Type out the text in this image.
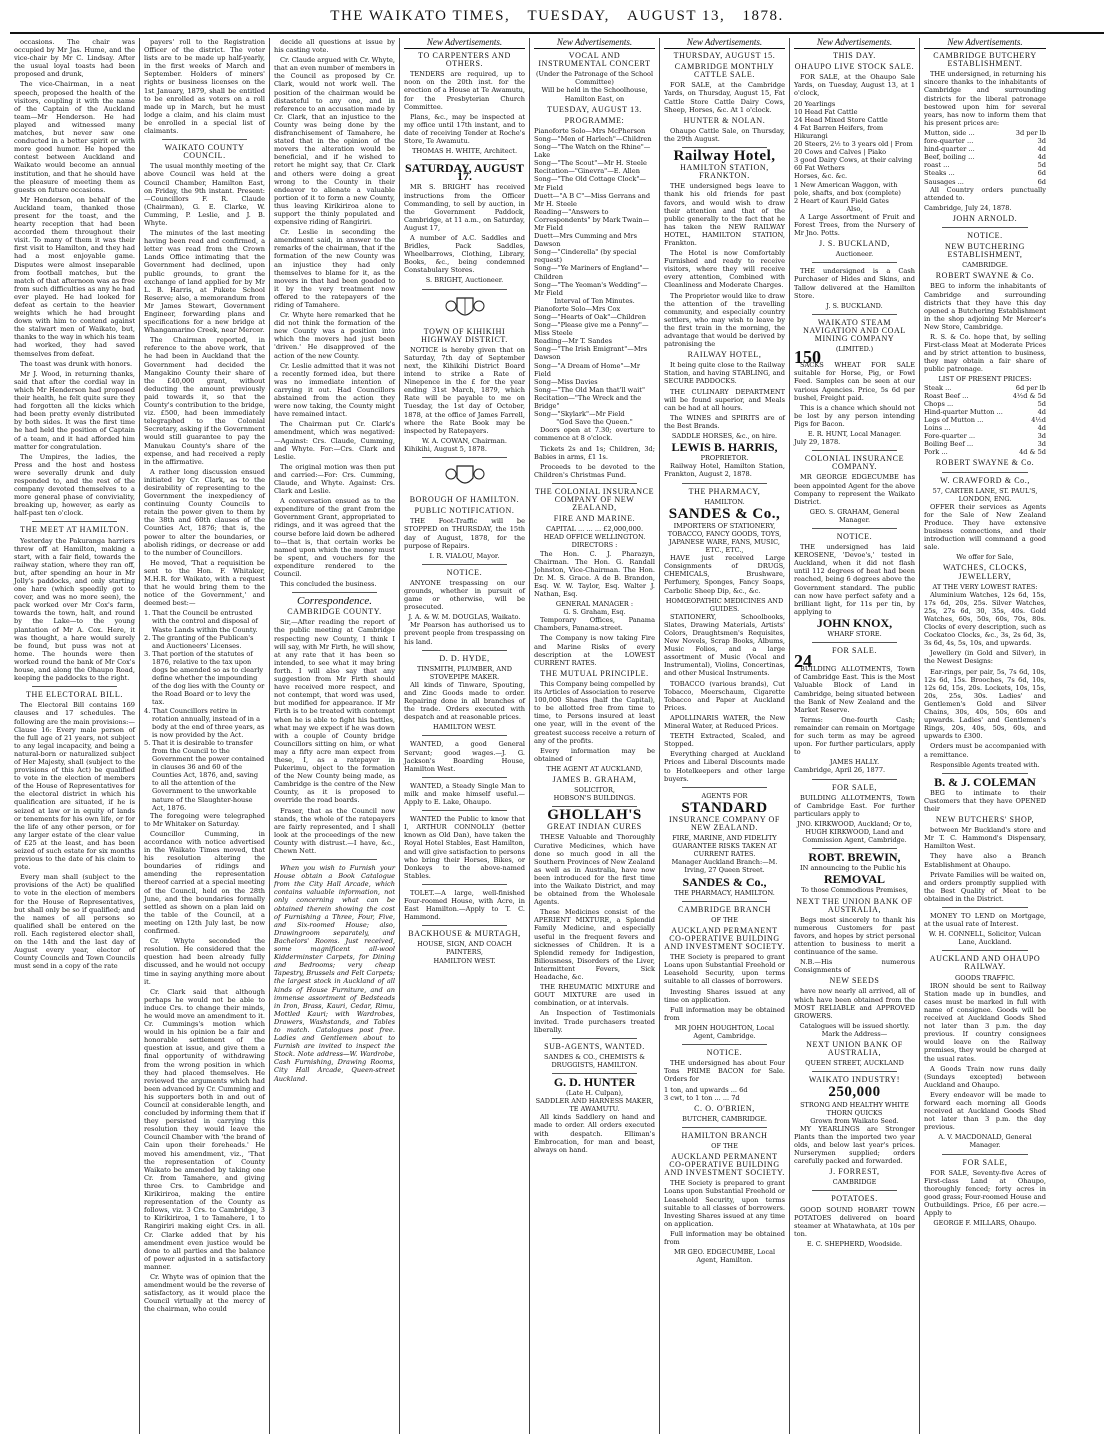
THE WAIKATO TIMES, TUESDAY, AUGUST 13, 1878.

occasions. The chair was occupied by Mr Jas. Hume, and the vice-chair by Mr C. Lindsay. After the usual loyal toasts had been proposed and drunk,

The vice-Chairman, in a neat speech, proposed the health of the visitors, coupling it with the name of the Captain of the Auckland team—Mr Henderson. He had played and witnessed many matches, but never saw one conducted in a better spirit or with more good humor. He hoped the contest between Auckland and Waikato would become an annual institution, and that he should have the pleasure of meeting them as guests on future occasions.

Mr Henderson, on behalf of the Auckland team, thanked those present for the toast, and the hearty reception that had been accorded them throughout their visit. To many of them it was their first visit to Hamilton, and they had had a most enjoyable game. Disputes were almost inseparable from football matches, but the match of that afternoon was as free from such difficulties as any he had ever played. He had looked for defeat as certain to the heavier weights which he had brought down with him to contend against the stalwart men of Waikato, but, thanks to the way in which his team had worked, they had saved themselves from defeat.

The toast was drunk with honors.

Mr J. Wood, in returning thanks, said that after the cordial way in which Mr Henderson had proposed their health, he felt quite sure they had forgotten all the kicks which had been pretty evenly distributed by both sides. It was the first time he had held the position of Captain of a team, and it had afforded him matter for congratulation.

The Umpires, the ladies, the Press and the host and hostess were severally drunk and duly responded to, and the rest of the company devoted themselves to a more general phase of conviviality, breaking up, however, as early as half-past ten o'clock.

THE MEET AT HAMILTON.

Yesterday the Pakuranga harriers threw off at Hamilton, making a start, with a fair field, towards the railway station, where they ran off, but, after spending an hour in Mr Jolly's paddocks, and only starting one hare (which speedily got to cover, and was no more seen), the pack worked over Mr Cox's farm, towards the town, halt, and round by the Lake—to the young plantation of Mr A. Cox. Here, it was thought, a hare would surely be found, but puss was not at home. The hounds were then worked round the bank of Mr Cox's house, and along the Ohaupo Road, keeping the paddocks to the right.

THE ELECTORAL BILL.

The Electoral Bill contains 169 clauses and 17 schedules. The following are the main provisions:—Clause 16: Every male person of the full age of 21 years, not subject to any legal incapacity, and being a natural-born or naturalized subject of Her Majesty, shall (subject to the provisions of this Act) be qualified to vote in the election of members of the House of Representatives for the electoral district in which his qualification are situated, if he is seized at law or in equity of lands or tenements for his own life, or for the life of any other person, or for any larger estate of the clear value of £25 at the least, and has been seized of such estate for six months previous to the date of his claim to vote.

Every man shall (subject to the provisions of the Act) be qualified to vote in the election of members for the House of Representatives, but shall only be so if qualified; and the names of all persons so qualified shall be entered on the roll. Each registered elector shall, on the 14th and the last day of August every year, elector of County Councils and Town Councils must send in a copy of the rate

payers' roll to the Registration Officer of the district. The voter lists are to be made up half-yearly, in the first weeks of March and September. Holders of miners' rights or business licenses on the 1st January, 1879, shall be entitled to be enrolled as voters on a roll made up in March, but he must lodge a claim, and his claim must be enrolled in a special list of claimants.

WAIKATO COUNTY COUNCIL.

The usual monthly meeting of the above Council was held at the Council Chamber, Hamilton East, on Friday, the 9th instant. Present:—Councillors F. R. Claude (Chairman), G. E. Clarke, W. Cumming, P. Leslie, and J. B. Whyte.

The minutes of the last meeting having been read and confirmed, a letter was read from the Crown Lands Office intimating that the Government had declined, upon public grounds, to grant the exchange of land applied for by Mr L. B. Harris, at Pukete School Reserve; also, a memorandum from Mr James Stewart, Government Engineer, forwarding plans and specifications for a new bridge at Whangamarino Creek, near Mercer.

The Chairman reported, in reference to the above work, that he had been in Auckland that the Government had decided the Mangakino County their share of the £40,000 grant, without deducting the amount previously paid towards it, so that the County's contribution to the bridge, viz. £500, had been immediately telegraphed to the Colonial Secretary, asking if the Government would still guarantee to pay the Manukau County's share of the expense, and had received a reply in the affirmative.

A rather long discussion ensued initiated by Cr. Clark, as to the desirability of representing to the Government the inexpediency of continuing County Councils to retain the power given to them by the 38th and 60th clauses of the Counties Act, 1876; that is, the power to alter the boundaries, or abolish ridings, or decrease or add to the number of Councillors.

He moved, 'That a requisition be sent to the Hon. F. Whitaker, M.H.R. for Waikato, with a request that he would bring them to the notice of the Government,' and deemed best:—

1. That the Council be entrusted with the control and disposal of Waste Lands within the County.
2. The granting of the Publican's and Auctioneers' Licenses.
3. That portion of the statutes of 1876, relative to the tax upon dogs be amended so as to clearly define whether the impounding of the dog lies with the County or the Road Board or to levy the tax.
4. That Councillors retire in rotation annually, instead of in a body at the end of three years, as is now provided by the Act.
5. That it is desirable to transfer from the Council to the Government the power contained in clauses 36 and 60 of the Counties Act, 1876, and, saving to all the attention of the Government to the unworkable nature of the Slaughter-house Act, 1876.

The foregoing were telegraphed to Mr Whitaker on Saturday.

Councillor Cumming, in accordance with notice advertised in the Waikato Times moved, that his resolution altering the boundaries of ridings and amending the representation thereof carried at a special meeting of the Council, held on the 28th June, and the boundaries formally settled as shown on a plan laid on the table of the Council, at a meeting on 12th July last, be now confirmed.

Cr. Whyte seconded the resolution. He considered that the question had been already fully discussed, and he would not occupy time in saying anything more about it.

Cr. Clark said that although perhaps he would not be able to induce Crs. to change their minds, he would move an amendment to it. Cr. Cummings's motion which would in his opinion be a fair and honorable settlement of the question at issue, and give them a final opportunity of withdrawing from the wrong position in which they had placed themselves. He reviewed the arguments which had been advanced by Cr. Cumming and his supporters both in and out of Council at considerable length, and concluded by informing them that if they persisted in carrying this resolution they would leave the Council Chamber with 'the brand of Cain upon their foreheads.' He moved his amendment, viz., 'That the representation of County Waikato be amended by taking one Cr. from Tamahere, and giving three Crs. to Cambridge and Kirikiriroa, making the entire representation of the County as follows, viz. 3 Crs. to Cambridge, 3 to Kirikiriroa, 1 to Tamahere, 1 to Rangiriri making eight Crs. in all. Cr. Clarke added that by his amendment even justice would be done to all parties and the balance of power adjusted in a satisfactory manner.

Cr. Whyte was of opinion that the amendment would be the reverse of satisfactory, as it would place the Council virtually at the mercy of the chairman, who could

decide all questions at issue by his casting vote.

Cr. Claude argued with Cr. Whyte, that an even number of members in the Council as proposed by Cr. Clark, would not work well. The position of the chairman would be distasteful to any one, and in reference to an accusation made by Cr. Clark, that an injustice to the County was being done by the disfranchisement of Tamahere, he stated that in the opinion of the movers the alteration would be beneficial, and if he wished to retort he might say, that Cr. Clark and others were doing a great wrong to the County in their endeavor to alienate a valuable portion of it to form a new County, thus leaving Kirikiriroa alone to support the thinly populated and expensive riding of Rangiriri.

Cr. Leslie in seconding the amendment said, in answer to the remarks of the chairman, that if the formation of the new County was an injustice they had only themselves to blame for it, as the movers in that had been goaded to it by the very treatment now offered to the ratepayers of the riding of Tamahere.

Cr. Whyte here remarked that he did not think the formation of the new County was a position into which the movers had just been 'driven.' He disapproved of the action of the new County.

Cr. Leslie admitted that it was not a recently formed idea, but there was no immediate intention of carrying it out. Had Councillors abstained from the action they were now taking, the County might have remained intact.

The Chairman put Cr. Clark's amendment, which was negatived:—Against: Crs. Claude, Cumming, and Whyte. For:—Crs. Clark and Leslie.

The original motion was then put and carried:—For: Crs. Cumming, Claude, and Whyte. Against: Crs. Clark and Leslie.

A conversation ensued as to the expenditure of the grant from the Government Grant, appropriated to ridings, and it was agreed that the course before laid down be adhered to—that is, that certain works be named upon which the money must be spent, and vouchers for the expenditure rendered to the Council.

This concluded the business.

Correspondence.
CAMBRIDGE COUNTY.

Sir,—After reading the report of the public meeting at Cambridge respecting new County, I think I will say, with Mr Firth, he will show, at any rate that it has been so intended, to see what it may bring forth. I will also say that any suggestion from Mr Firth should have received more respect, and not contempt, that word was used, but modified for appearance. If Mr Firth is to be treated with contempt when he is able to fight his battles, what may we expect if he was down with a couple of County bridge Councillors sitting on him, or what may a fifty acre man expect from these, I, as a ratepayer in Pukerimu, object to the formation of the New County being made, as Cambridge is the centre of the New County, as it is proposed to override the road boards.

Fraser, that as the Council now stands, the whole of the ratepayers are fairly represented, and I shall look at the proceedings of the new County with distrust.—I have, &c., Chewn Nett.

When you wish to Furnish your House obtain a Book Catalogue from the City Hall Arcade, which contains valuable information, not only concerning what can be obtained therein showing the cost of Furnishing a Three, Four, Five, and Six-roomed House; also, Drawingroom separately, and Bachelors' Rooms. Just received, some magnificent all-wool Kidderminster Carpets, for Dining and Bedrooms; very cheap Tapestry, Brussels and Felt Carpets; the largest stock in Auckland of all kinds of House Furniture, and an immense assortment of Bedsteads in Iron, Brass, Kauri, Cedar, Rimu, Mottled Kauri; with Wardrobes, Drawers, Washstands, and Tables to match. Catalogues post free. Ladies and Gentlemen about to Furnish are invited to inspect the Stock. Note address—W. Wardrobe, Cash Furnishing, Drawing Rooms, City Hall Arcade, Queen-street Auckland.

New Advertisements.
TO CARPENTERS AND OTHERS.

TENDERS are required, up to noon on the 20th inst. for the erection of a House at Te Awamutu, for the Presbyterian Church Committee.

Plans, &c., may be inspected at my office until 17th instant, and to date of receiving Tender at Roche's Store, Te Awamutu.

THOMAS H. WHITE, Architect.
SATURDAY, AUGUST 17.

MR S. BRIGHT has received instructions from the Officer Commanding, to sell by auction, in the Government Paddock, Cambridge, at 11 a.m., on Saturday, August 17,

A number of A.C. Saddles and Bridles, Pack Saddles, Wheelbarrows, Clothing, Library, Books, &c., being condemned Constabulary Stores.

S. BRIGHT, Auctioneer.
TOWN OF KIHIKIHI HIGHWAY DISTRICT.

NOTICE is hereby given that on Saturday, 7th day of September next, the Kihikihi District Board intend to strike a Rate of Ninepence in the £ for the year ending 31st March, 1879, which Rate will be payable to me on Tuesday, the 1st day of October, 1878, at the office of James Farrell, where the Rate Book may be inspected by Ratepayers.

W. A. COWAN, Chairman.
Kihikihi, August 5, 1878.
BOROUGH OF HAMILTON.
PUBLIC NOTIFICATION.

THE Foot-Traffic will be STOPPED on THURSDAY, the 15th day of August, 1878, for the purpose of Repairs.

I. R. VIALOU, Mayor.
NOTICE.

ANYONE trespassing on our grounds, whether in pursuit of game or otherwise, will be prosecuted.

J. A. & W. M. DOUGLAS, Waikato.

Mr Pearson has authorised us to prevent people from trespassing on his land.

D. D. HYDE,
TINSMITH, PLUMBER, AND STOVEPIPE MAKER.

All kinds of Tinware, Spouting, and Zinc Goods made to order. Repairing done in all branches of the trade. Orders executed with despatch and at reasonable prices.

HAMILTON WEST.

WANTED, a good General Servant; good wages.—J. G. Jackson's Boarding House, Hamilton West.

WANTED, a Steady Single Man to milk and make himself useful.—Apply to E. Lake, Ohaupo.

WANTED the Public to know that I, ARTHUR CONNOLLY (better known as Old Dan), have taken the Royal Hotel Stables, East Hamilton, and will give satisfaction to persons who bring their Horses, Bikes, or Donkeys to the above-named Stables.

TOLET.—A large, well-finished Four-roomed House, with Acre, in East Hamilton.—Apply to T. C. Hammond.

BACKHOUSE & MURTAGH,
HOUSE, SIGN, AND COACH PAINTERS,
HAMILTON WEST.
New Advertisements.
VOCAL AND INSTRUMENTAL CONCERT
(Under the Patronage of the School Committee)
Will be held in the Schoolhouse, Hamilton East, on
TUESDAY, AUGUST 13.
PROGRAMME:
Pianoforte Solo—Mrs McPherson
Song—"Men of Harlech"—Children
Song—"The Watch on the Rhine"—Lake
Song—"The Scout"—Mr H. Steele
Recitation—"Ginevra"—E. Allen
Song—"The Old Cottage Clock"—Mr Field
Duett—"A B C"—Miss Gerrans and Mr H. Steele
Reading—"Answers to Correspondents" by Mark Twain—Mr Field
Duett—Mrs Cumming and Mrs Dawson
Song—"Cinderella" (by special request)
Song—"Ye Mariners of England"—Children
Song—"The Yeoman's Wedding"—Mr Field
Interval of Ten Minutes.
Pianoforte Solo—Mrs Cox
Song—"Hearts of Oak"—Children
Song—"Please give me a Penny"—Miss Steele
Reading—Mr T. Sandes
Song—"The Irish Emigrant"—Mrs Dawson
Song—"A Dream of Home"—Mr Field
Song—Miss Davies
Song—"The Old Man that'll wait"
Recitation—"The Wreck and the Bridge"
Song—"Skylark"—Mr Field
"God Save the Queen."

Doors open at 7.30; overture to commence at 8 o'clock.

Tickets 2s and 1s; Children, 3d; Babies in arms, £1 1s.

Proceeds to be devoted to the Children's Christmas Fund.

THE COLONIAL INSURANCE COMPANY OF NEW ZEALAND,
FIRE AND MARINE.
CAPITAL ... ... ... £2,000,000.
HEAD OFFICE WELLINGTON.
DIRECTORS :

The Hon. C. J. Pharazyn, Chairman. The Hon. G. Randall Johnston, Vice-Chairman. The Hon. Dr. M. S. Grace. A de B. Brandon, Esq. W. W. Taylor, Esq. Walter J. Nathan, Esq.

GENERAL MANAGER :
G. S. Graham, Esq.

Temporary Offices, Panama Chambers, Panama-street.

The Company is now taking Fire and Marine Risks of every description at the LOWEST CURRENT RATES.

THE MUTUAL PRINCIPLE.

This Company being compelled by its Articles of Association to reserve 100,000 Shares (half the Capital), to be allotted free from time to time, to Persons insured at least one year, will in the event of the greatest success receive a return of any of the profits.

Every information may be obtained of

THE AGENT AT AUCKLAND,
JAMES B. GRAHAM,
SOLICITOR,
HOBSON'S BUILDINGS.
GHOLLAH'S
GREAT INDIAN CURES

THESE Valuable and Thoroughly Curative Medicines, which have done so much good in all the Southern Provinces of New Zealand as well as in Australia, have now been introduced for the first time into the Waikato District, and may be obtained from the Wholesale Agents.

These Medicines consist of the APERIENT MIXTURE, a Splendid Family Medicine, and especially useful in the frequent fevers and sicknesses of Children. It is a Splendid remedy for Indigestion, Biliousness, Disorders of the Liver, Intermittent Fevers, Sick Headache, &c.

THE RHEUMATIC MIXTURE and GOUT MIXTURE are used in combination, or at intervals.

An Inspection of Testimonials invited. Trade purchasers treated liberally.

SUB-AGENTS, WANTED.
SANDES & CO., CHEMISTS & DRUGGISTS, HAMILTON.
G. D. HUNTER
(Late H. Culpan),
SADDLER AND HARNESS MAKER,
TE AWAMUTU.

All kinds Saddlery on hand and made to order. All orders executed with despatch. Elliman's Embrocation, for man and beast, always on hand.

New Advertisements.
THURSDAY, AUGUST 15.
CAMBRIDGE MONTHLY CATTLE SALE.

FOR SALE, at the Cambridge Yards, on Thursday, August 15, Fat Cattle Store Cattle Dairy Cows, Sheep, Horses, &c. At 1 o'clock.

HUNTER & NOLAN.

Ohaupo Cattle Sale, on Thursday, the 29th August.

Railway Hotel,
HAMILTON STATION, FRANKTON.

THE undersigned begs leave to thank his old friends for past favors, and would wish to draw their attention and that of the public generally to the fact that he has taken the NEW RAILWAY HOTEL, HAMILTON STATION, Frankton.

The Hotel is now Comfortably Furnished and ready to receive visitors, where they will receive every attention, Combined with Cleanliness and Moderate Charges.

The Proprietor would like to draw the attention of the travelling community, and especially country settlers, who may wish to leave by the first train in the morning, the advantage that would be derived by patronising the

RAILWAY HOTEL,

It being quite close to the Railway Station, and having STABLING, and SECURE PADDOCKS.

THE CULINARY DEPARTMENT will be found superior, and Meals can be had at all hours.

The WINES and SPIRITS are of the Best Brands.

SADDLE HORSES, &c., on hire.
LEWIS B. HARRIS,
PROPRIETOR.

Railway Hotel, Hamilton Station, Frankton, August 2, 1878.

THE PHARMACY,
HAMILTON.
SANDES & Co.,
IMPORTERS OF STATIONERY, TOBACCO, FANCY GOODS, TOYS, JAPANESE WARE, FANS, MUSIC, ETC., ETC.,

HAVE just received Large Consignments of DRUGS, CHEMICALS, Brushware, Perfumery, Sponges, Fancy Soaps, Carbolic Sheep Dip, &c., &c.

HOMŒOPATHIC MEDICINES AND GUIDES.

STATIONERY, Schoolbooks, Slates, Drawing Materials, Artists' Colors, Draughtsmen's Requisites, New Novels, Scrap Books, Albums, Music Folios, and a large assortment of Music (Vocal and Instrumental), Violins, Concertinas, and other Musical Instruments.

TOBACCO (various brands), Cut Tobacco, Meerschaum, Cigarette Tobacco and Paper at Auckland Prices.

APOLLINARIS WATER, the New Mineral Water, at Reduced Prices.

TEETH Extracted, Scaled, and Stopped.

Everything charged at Auckland Prices and Liberal Discounts made to Hotelkeepers and other large buyers.

AGENTS FOR
STANDARD
INSURANCE COMPANY OF NEW ZEALAND.
FIRE, MARINE, AND FIDELITY GUARANTEE RISKS TAKEN AT CURRENT RATES.
Manager Auckland Branch:—M. Irving, 27 Queen Street.
SANDES & Co.,
THE PHARMACY, HAMILTON.
CAMBRIDGE BRANCH
OF THE
AUCKLAND PERMANENT CO-OPERATIVE BUILDING AND INVESTMENT SOCIETY.

THE Society is prepared to grant Loans upon Substantial Freehold or Leasehold Security, upon terms suitable to all classes of borrowers.

Investing Shares issued at any time on application.

Full information may be obtained from

MR JOHN HOUGHTON, Local Agent, Cambridge.
NOTICE.

THE undersigned has about Four Tons PRIME BACON for Sale. Orders for

1 ton, and upwards ... 6d
3 cwt, to 1 ton ... ... 7d
C. O. O'BRIEN,
BUTCHER, CAMBRIDGE.
HAMILTON BRANCH
OF THE
AUCKLAND PERMANENT CO-OPERATIVE BUILDING AND INVESTMENT SOCIETY.

THE Society is prepared to grant Loans upon Substantial Freehold or Leasehold Security, upon terms suitable to all classes of borrowers. Investing Shares issued at any time on application.

Full information may be obtained from

MR GEO. EDGECUMBE, Local Agent, Hamilton.
New Advertisements.
THIS DAY.
OHAUPO LIVE STOCK SALE.

FOR SALE, at the Ohaupo Sale Yards, on Tuesday, August 13, at 1 o'clock,

20 Yearlings
10 Head Fat Cattle
24 Head Mixed Store Cattle
4 Fat Barren Heifers, from Hikurangi
20 Steers, 2½ to 3 years old | From
20 Cows and Calves | Piako
3 good Dairy Cows, at their calving
60 Fat Wethers
Horses, &c. &c.
1 New American Waggon, with pole, shafts, and box (complete)
2 Heart of Kauri Field Gates
Also,

A Large Assortment of Fruit and Forest Trees, from the Nursery of Mr Jno. Potts.

J. S. BUCKLAND,
Auctioneer.

THE undersigned is a Cash Purchaser of Hides and Skins, and Tallow delivered at the Hamilton Store.

J. S. BUCKLAND.
WAIKATO STEAM NAVIGATION AND COAL MINING COMPANY
(LIMITED.)
150

SACKS WHEAT FOR SALE suitable for Horse, Pig, or Fowl Feed. Samples can be seen at our various Agencies. Price, 5s 6d per bushel, Freight paid.

This is a chance which should not be lost by any person intending Pigs for Bacon.

E. R. HUNT, Local Manager.
July 29, 1878.
COLONIAL INSURANCE COMPANY.

MR GEORGE EDGECUMBE has been appointed Agent for the above Company to represent the Waikato District.

GEO. S. GRAHAM, General Manager.
NOTICE.

THE undersigned has laid KEROSENE, 'Devoe's,' tested in Auckland, when it did not flash until 112 degrees of heat had been reached, being 6 degrees above the Government standard. The public can now have perfect safety and a brilliant light, for 11s per tin, by applying to

JOHN KNOX,
WHARF STORE.
FOR SALE.
24

BUILDING ALLOTMENTS, Town of Cambridge East. This is the Most Valuable Block of Land in Cambridge, being situated between the Bank of New Zealand and the Market Reserve.

Terms: One-fourth Cash; remainder can remain on Mortgage for such term as may be agreed upon. For further particulars, apply to

JAMES HALLY.
Cambridge, April 26, 1877.
FOR SALE,

BUILDING ALLOTMENTS, Town of Cambridge East. For further particulars apply to

JNO. KIRKWOOD, Auckland; Or to, HUGH KIRKWOOD, Land and Commission Agent, Cambridge.
ROBT. BREWIN,

IN announcing to the Public his

REMOVAL
To those Commodious Premises,
NEXT THE UNION BANK OF AUSTRALIA,

Begs most sincerely to thank his numerous Customers for past favors, and hopes by strict personal attention to business to merit a continuance of the same.

N.B.—His numerous Consignments of

NEW SEEDS

have now nearly all arrived, all of which have been obtained from the MOST RELIABLE and APPROVED GROWERS.

Catalogues will be issued shortly.
Mark the Address—
NEXT UNION BANK OF AUSTRALIA,
QUEEN STREET, AUCKLAND
WAIKATO INDUSTRY!
250,000
STRONG AND HEALTHY WHITE THORN QUICKS
Grown from Waikato Seed.

MY YEARLINGS are Stronger Plants than the imported two year olds, and below last year's prices. Nurserymen supplied; orders carefully packed and forwarded.

J. FORREST,
CAMBRIDGE
POTATOES.

GOOD SOUND HOBART TOWN POTATOES delivered on board steamer at Whatawhata, at 10s per ton.

E. C. SHEPHERD, Woodside.
New Advertisements.
CAMBRIDGE BUTCHERY ESTABLISHMENT.

THE undersigned, in returning his sincere thanks to the inhabitants of Cambridge and surrounding districts for the liberal patronage bestowed upon him for several years, has now to inform them that his present prices are:

Mutton, side ...	3d per lb
fore-quarter ...	3d
hind-quarter ...	4d
Beef, boiling ...	4d
roast ...	5d
Steaks ...	6d
Sausages ...	6d

All Country orders punctually attended to.

Cambridge, July 24, 1878.
JOHN ARNOLD.
NOTICE.
NEW BUTCHERING ESTABLISHMENT,
CAMBRIDGE.
ROBERT SWAYNE & Co.

BEG to inform the inhabitants of Cambridge and surrounding districts that they have this day opened a Butchering Establishment in the shop adjoining Mr Mercer's New Store, Cambridge.

R. S. & Co. hope that, by selling First-class Meat at Moderate Prices and by strict attention to business, they may obtain a fair share of public patronage.

LIST OF PRESENT PRICES:
Steak ...	6d per lb
Roast Beef ...	4½d & 5d
Chops ...	5d
Hind-quarter Mutton ...	4d
Legs of Mutton ...	4½d
Loins ...	4d
Fore-quarter ...	3d
Boiling Beef ...	3d
Pork ...	4d & 5d
ROBERT SWAYNE & Co.
W. CRAWFORD & Co.,
57, CARTER LANE, ST. PAUL'S, LONDON, ENG.

OFFER their services as Agents for the Sale of New Zealand Produce. They have extensive business connections, and their introduction will command a good sale.

We offer for Sale,
WATCHES, CLOCKS, JEWELLERY,
AT THE VERY LOWEST RATES:

Aluminium Watches, 12s 6d, 15s, 17s 6d, 20s, 25s. Silver Watches, 25s, 27s 6d, 30, 35s, 40s. Gold Watches, 60s, 50s, 60s, 70s, 80s. Clocks of every description, such as Cockatoo Clocks, &c., 3s, 2s 6d, 3s, 3s 6d, 4s, 5s, 10s, and upwards.

Jewellery (in Gold and Silver), in the Newest Designs:

Ear-rings, per pair, 5s, 7s 6d, 10s, 12s 6d, 15s. Brooches, 7s 6d, 10s, 12s 6d, 15s, 20s. Lockets, 10s, 15s, 20s, 25s, 30s. Ladies' and Gentlemen's Gold and Silver Chains, 30s, 40s, 50s, 60s and upwards. Ladies' and Gentlemen's Rings, 20s, 40s, 50s, 60s, and upwards to £300.

Orders must be accompanied with a remittance.

Responsible Agents treated with.
B. & J. COLEMAN

BEG to intimate to their Customers that they have OPENED their

NEW BUTCHERS' SHOP,

between Mr Buckland's store and Mr T. C. Hammond's Dispensary, Hamilton West.

They have also a Branch Establishment at Ohaupo.

Private Families will be waited on, and orders promptly supplied with the Best Quality of Meat to be obtained in the District.

MONEY TO LEND on Mortgage, at the usual rate of Interest.

W. H. CONNELL, Solicitor, Vulcan Lane, Auckland.
AUCKLAND AND OHAUPO RAILWAY.
GOODS TRAFFIC.

IRON should be sent to Railway Station made up in bundles, and cases must be marked in full with name of consignee. Goods will be received at Auckland Goods Shed not later than 3 p.m. the day previous. If country consignees would leave on the Railway premises, they would be charged at the usual rates.

A Goods Train now runs daily (Sundays excepted) between Auckland and Ohaupo.

Every endeavor will be made to forward each morning all Goods received at Auckland Goods Shed not later than 3 p.m. the day previous.

A. V. MACDONALD, General Manager.
FOR SALE,

FOR SALE, Seventy-five Acres of First-class Land at Ohaupo, thoroughly fenced; forty acres in good grass; Four-roomed House and Outbuildings. Price, £6 per acre.—Apply to

GEORGE F. MILLARS, Ohaupo.
